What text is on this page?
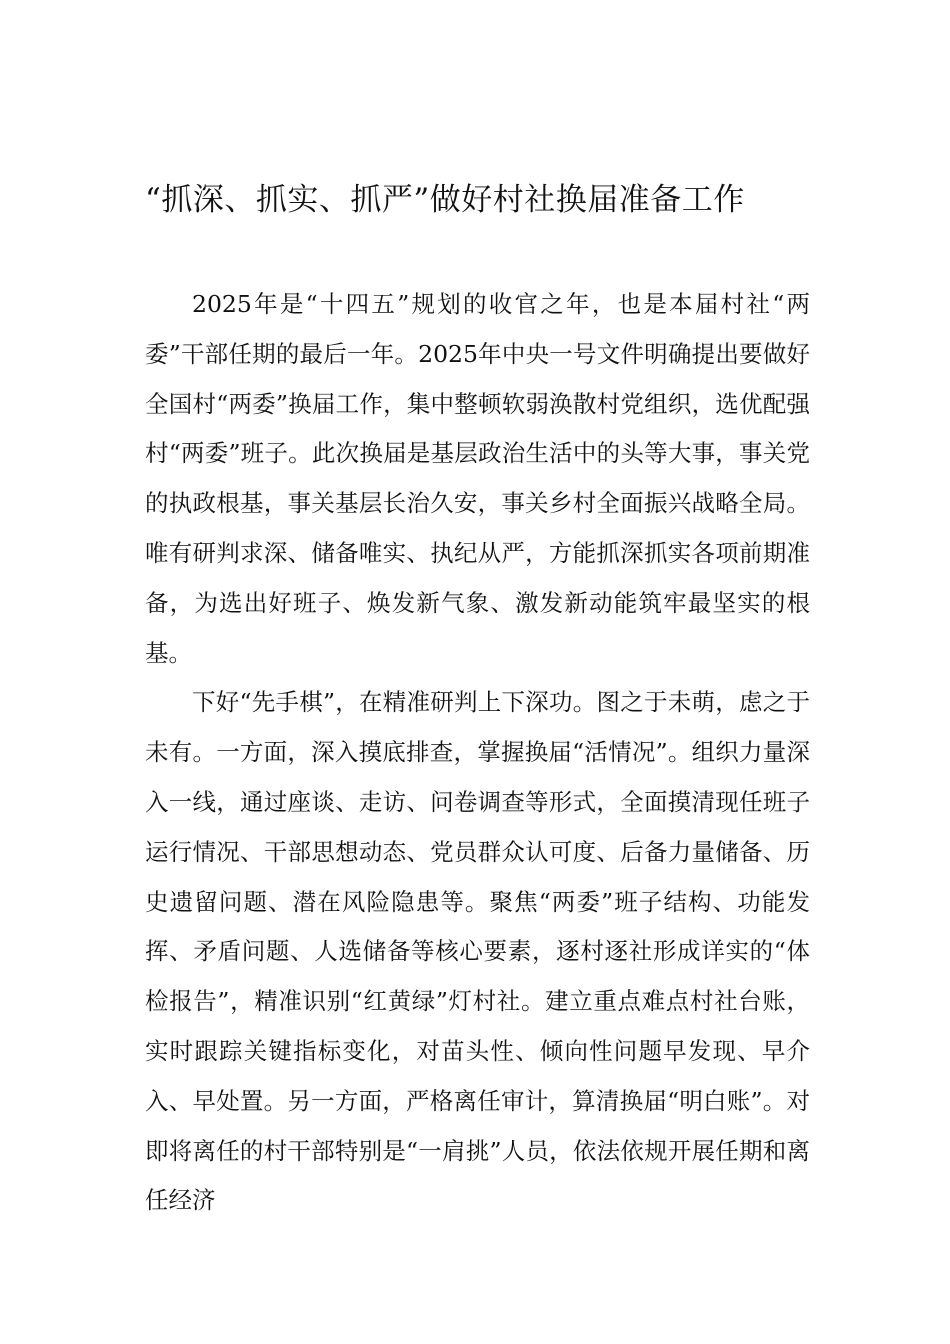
“抓深、抓实、抓严”做好村社换届准备工作

2025年是“十四五”规划的收官之年，也是本届村社“两委”干部任期的最后一年。2025年中央一号文件明确提出要做好全国村“两委”换届工作，集中整顿软弱涣散村党组织，选优配强村“两委”班子。此次换届是基层政治生活中的头等大事，事关党的执政根基，事关基层长治久安，事关乡村全面振兴战略全局。唯有研判求深、储备唯实、执纪从严，方能抓深抓实各项前期准备，为选出好班子、焕发新气象、激发新动能筑牢最坚实的根基。

下好“先手棋”，在精准研判上下深功。图之于未萌，虑之于未有。一方面，深入摸底排查，掌握换届“活情况”。组织力量深入一线，通过座谈、走访、问卷调查等形式，全面摸清现任班子运行情况、干部思想动态、党员群众认可度、后备力量储备、历史遗留问题、潜在风险隐患等。聚焦“两委”班子结构、功能发挥、矛盾问题、人选储备等核心要素，逐村逐社形成详实的“体检报告”，精准识别“红黄绿”灯村社。建立重点难点村社台账，实时跟踪关键指标变化，对苗头性、倾向性问题早发现、早介入、早处置。另一方面，严格离任审计，算清换届“明白账”。对即将离任的村干部特别是“一肩挑”人员，依法依规开展任期和离任经济
